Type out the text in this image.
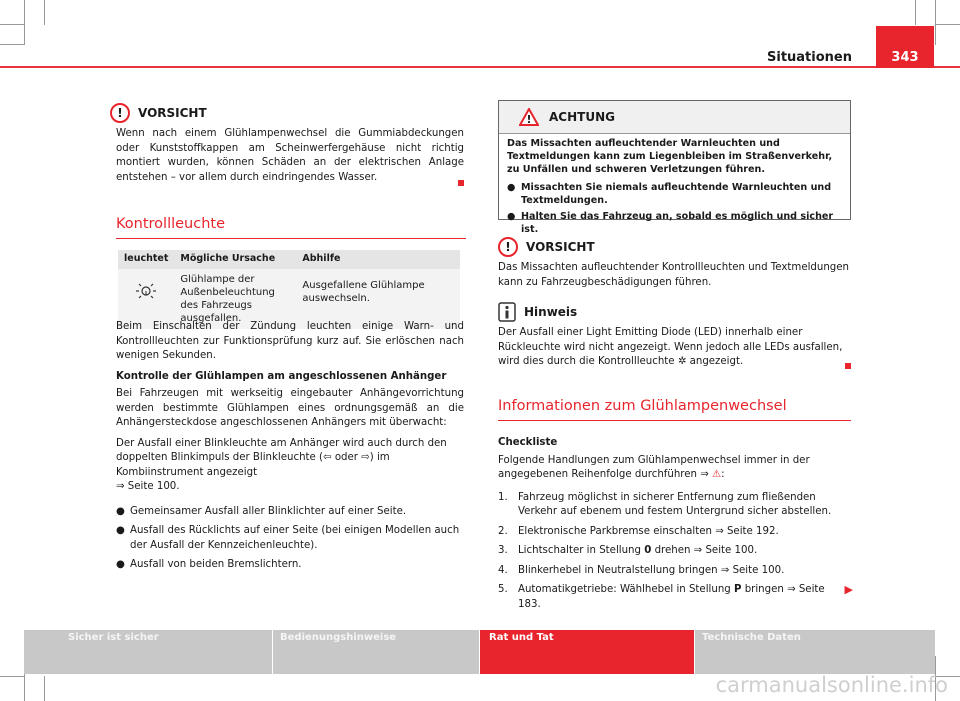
Situationen	343
!	VORSICHT

Wenn nach einem Glühlampenwechsel die Gummiabdeckungen oder Kunststoffkappen am Scheinwerfergehäuse nicht richtig montiert wurden, können Schäden an der elektrischen Anlage entstehen – vor allem durch eindringendes Wasser.

Kontrollleuchte
leuchtet	Mögliche Ursache	Abhilfe
	Glühlampe der Außenbeleuchtung des Fahrzeugs ausgefallen.	Ausgefallene Glühlampe auswechseln.

Beim Einschalten der Zündung leuchten einige Warn- und Kontrollleuchten zur Funktionsprüfung kurz auf. Sie erlöschen nach wenigen Sekunden.

Kontrolle der Glühlampen am angeschlossenen Anhänger

Bei Fahrzeugen mit werkseitig eingebauter Anhängevorrichtung werden bestimmte Glühlampen eines ordnungsgemäß an die Anhängersteckdose angeschlossenen Anhängers mit überwacht:

Der Ausfall einer Blinkleuchte am Anhänger wird auch durch den doppelten Blinkimpuls der Blinkleuchte (⇦ oder ⇨) im Kombiinstrument angezeigt
⇒ Seite 100.

● Gemeinsamer Ausfall aller Blinklichter auf einer Seite.
● Ausfall des Rücklichts auf einer Seite (bei einigen Modellen auch der Ausfall der Kennzeichenleuchte).
● Ausfall von beiden Bremslichtern.
! ACHTUNG
Das Missachten aufleuchtender Warnleuchten und Textmeldungen kann zum Liegenbleiben im Straßenverkehr, zu Unfällen und schweren Verletzungen führen.
● Missachten Sie niemals aufleuchtende Warnleuchten und Textmeldungen.
● Halten Sie das Fahrzeug an, sobald es möglich und sicher ist.
!	VORSICHT

Das Missachten aufleuchtender Kontrollleuchten und Textmeldungen kann zu Fahrzeugbeschädigungen führen.

Hinweis

Der Ausfall einer Light Emitting Diode (LED) innerhalb einer Rückleuchte wird nicht angezeigt. Wenn jedoch alle LEDs ausfallen, wird dies durch die Kontrollleuchte ✲ angezeigt.

Informationen zum Glühlampenwechsel

Checkliste

Folgende Handlungen zum Glühlampenwechsel immer in der angegebenen Reihenfolge durchführen ⇒ ⚠:

1.	Fahrzeug möglichst in sicherer Entfernung zum fließenden Verkehr auf ebenem und festem Untergrund sicher abstellen.
2.	Elektronische Parkbremse einschalten ⇒ Seite 192.
3.	Lichtschalter in Stellung 0 drehen ⇒ Seite 100.
4.	Blinkerhebel in Neutralstellung bringen ⇒ Seite 100.
5.	Automatikgetriebe: Wählhebel in Stellung P bringen ⇒ Seite 183.
▶
Sicher ist sicher	Bedienungshinweise	Rat und Tat	Technische Daten
carmanualsonline.info
